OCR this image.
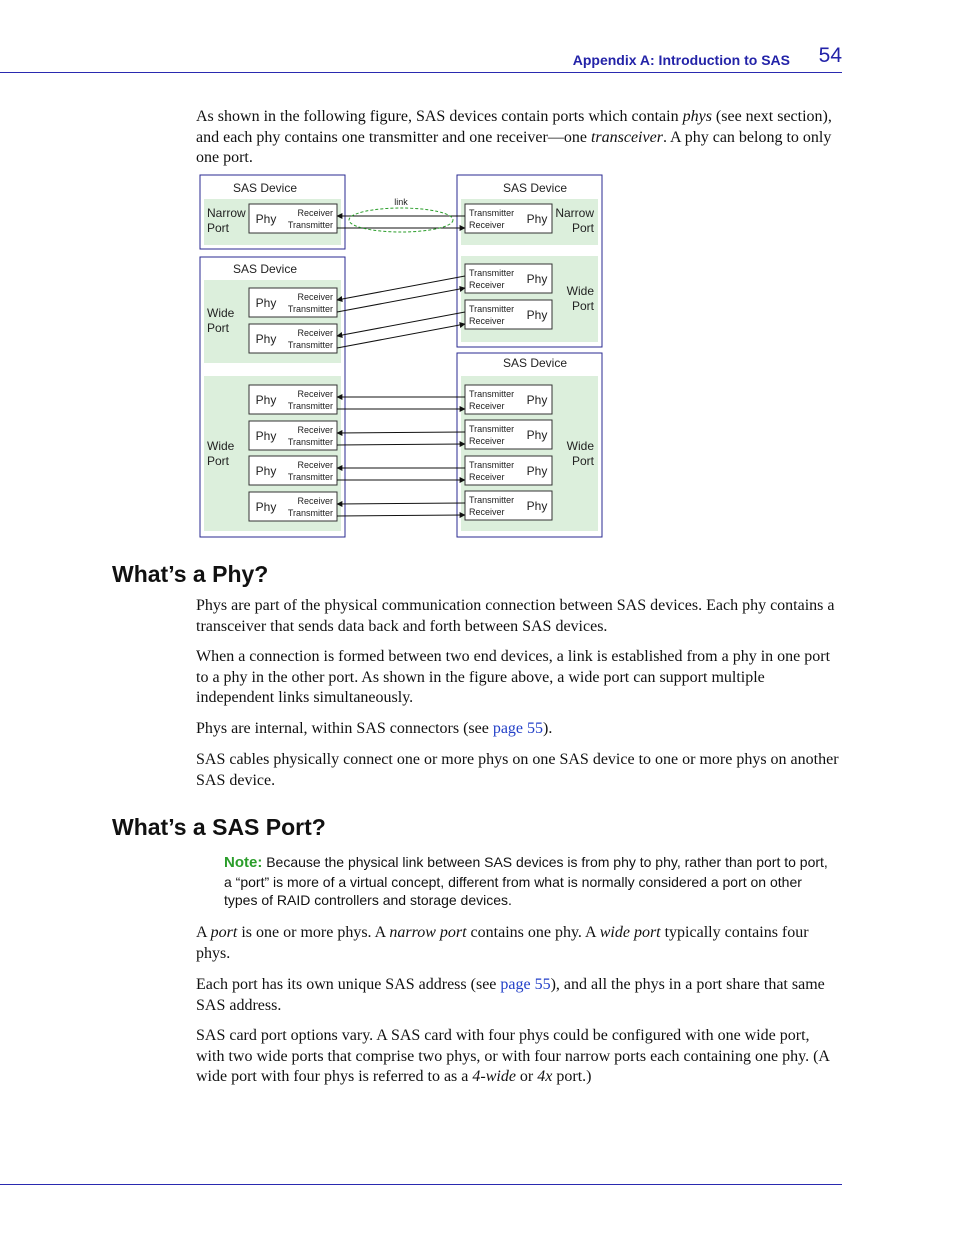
Appendix A: Introduction to SAS 54

As shown in the following figure, SAS devices contain ports which contain phys (see next section), and each phy contains one transmitter and one receiver—one transceiver. A phy can belong to only one port.

SAS Device
SAS Device
SAS Device
SAS Device
Narrow
Port
Wide
Port
Wide
Port
Narrow
Port
Wide
Port
Wide
Port
Phy Receiver
Transmitter
Phy Receiver
Transmitter
Phy Receiver
Transmitter
Phy Receiver
Transmitter
Phy Receiver
Transmitter
Phy Receiver
Transmitter
Phy Receiver
Transmitter
Transmitter
Receiver Phy
Transmitter
Receiver Phy
Transmitter
Receiver Phy
Transmitter
Receiver Phy
Transmitter
Receiver Phy
Transmitter
Receiver Phy
Transmitter
Receiver Phy
link
What’s a Phy?

Phys are part of the physical communication connection between SAS devices. Each phy contains a transceiver that sends data back and forth between SAS devices.

When a connection is formed between two end devices, a link is established from a phy in one port to a phy in the other port. As shown in the figure above, a wide port can support multiple independent links simultaneously.

Phys are internal, within SAS connectors (see page 55).

SAS cables physically connect one or more phys on one SAS device to one or more phys on another SAS device.

What’s a SAS Port?

Note: Because the physical link between SAS devices is from phy to phy, rather than port to port, a “port” is more of a virtual concept, different from what is normally considered a port on other types of RAID controllers and storage devices.

A port is one or more phys. A narrow port contains one phy. A wide port typically contains four phys.

Each port has its own unique SAS address (see page 55), and all the phys in a port share that same SAS address.

SAS card port options vary. A SAS card with four phys could be configured with one wide port, with two wide ports that comprise two phys, or with four narrow ports each containing one phy. (A wide port with four phys is referred to as a 4-wide or 4x port.)
